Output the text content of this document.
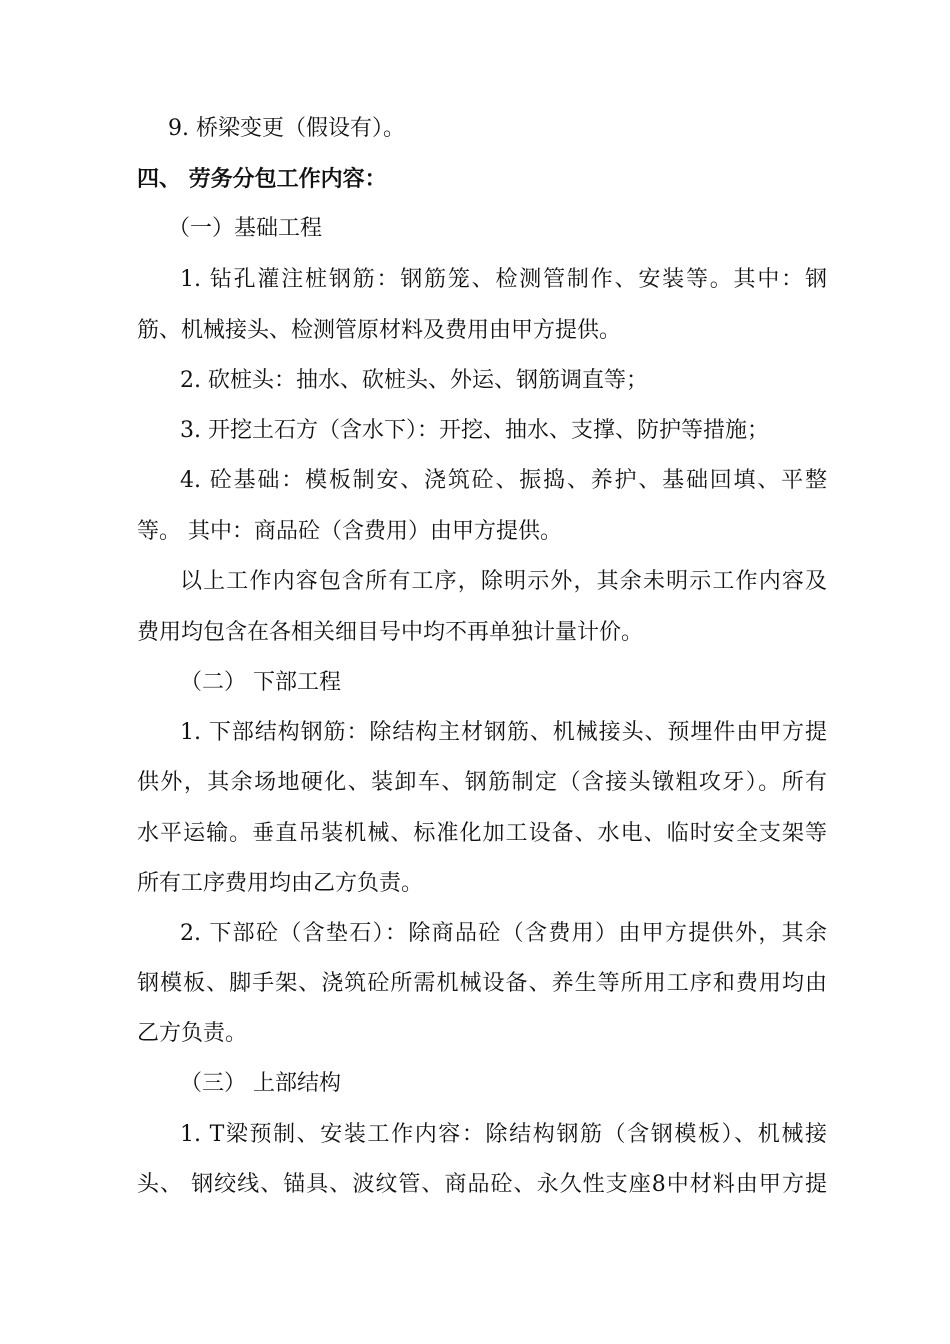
9. 桥梁变更（假设有）。
四、 劳务分包工作内容：
（一）基础工程
1. 钻孔灌注桩钢筋：钢筋笼、检测管制作、安装等。其中：钢
筋、机械接头、检测管原材料及费用由甲方提供。
2. 砍桩头：抽水、砍桩头、外运、钢筋调直等；
3. 开挖土石方（含水下）：开挖、抽水、支撑、防护等措施；
4. 砼基础：模板制安、浇筑砼、振捣、养护、基础回填、平整
等。 其中：商品砼（含费用）由甲方提供。
以上工作内容包含所有工序，除明示外，其余未明示工作内容及
费用均包含在各相关细目号中均不再单独计量计价。
（二） 下部工程
1. 下部结构钢筋：除结构主材钢筋、机械接头、预埋件由甲方提
供外，其余场地硬化、装卸车、钢筋制定（含接头镦粗攻牙）。所有
水平运输。垂直吊装机械、标准化加工设备、水电、临时安全支架等
所有工序费用均由乙方负责。
2. 下部砼（含垫石）：除商品砼（含费用）由甲方提供外，其余
钢模板、脚手架、浇筑砼所需机械设备、养生等所用工序和费用均由
乙方负责。
（三） 上部结构
1. T梁预制、安装工作内容：除结构钢筋（含钢模板）、机械接
头、 钢绞线、锚具、波纹管、商品砼、永久性支座8中材料由甲方提
